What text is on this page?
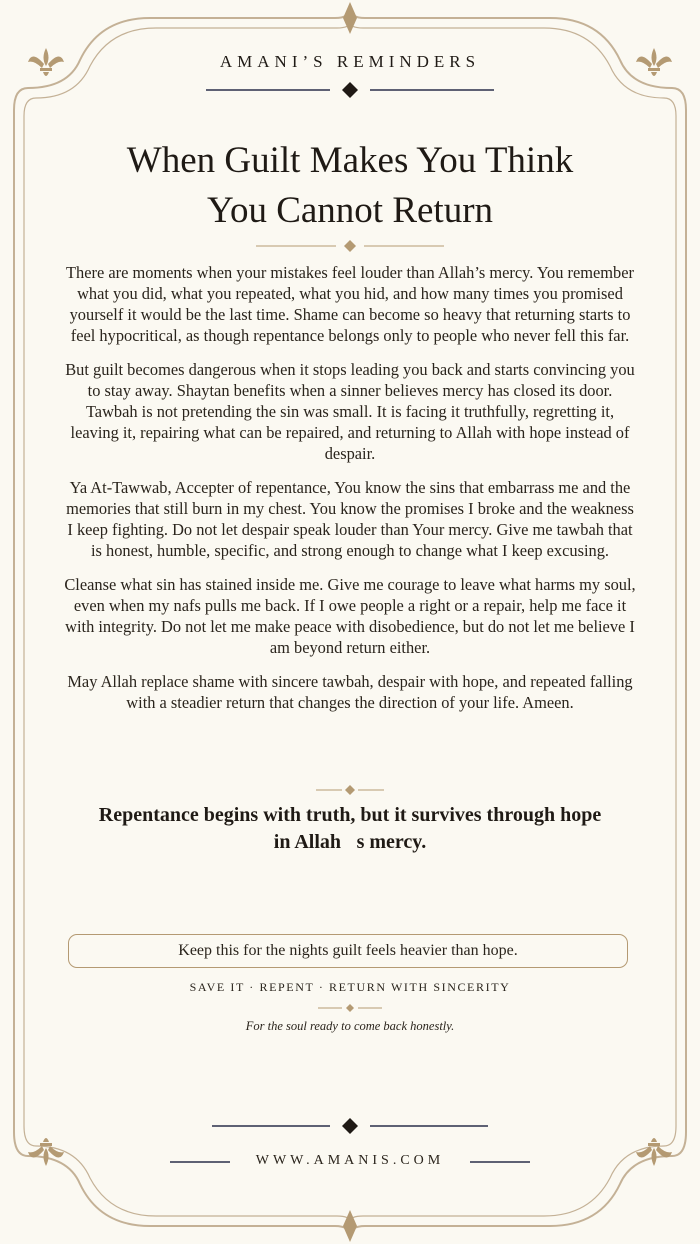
AMANI’S REMINDERS
When Guilt Makes You Think
You Cannot Return

There are moments when your mistakes feel louder than Allah’s mercy. You remember what you did, what you repeated, what you hid, and how many times you promised yourself it would be the last time. Shame can become so heavy that returning starts to feel hypocritical, as though repentance belongs only to people who never fell this far.

But guilt becomes dangerous when it stops leading you back and starts convincing you to stay away. Shaytan benefits when a sinner believes mercy has closed its door. Tawbah is not pretending the sin was small. It is facing it truthfully, regretting it, leaving it, repairing what can be repaired, and returning to Allah with hope instead of despair.

Ya At-Tawwab, Accepter of repentance, You know the sins that embarrass me and the memories that still burn in my chest. You know the promises I broke and the weakness I keep fighting. Do not let despair speak louder than Your mercy. Give me tawbah that is honest, humble, specific, and strong enough to change what I keep excusing.

Cleanse what sin has stained inside me. Give me courage to leave what harms my soul, even when my nafs pulls me back. If I owe people a right or a repair, help me face it with integrity. Do not let me make peace with disobedience, but do not let me believe I am beyond return either.

May Allah replace shame with sincere tawbah, despair with hope, and repeated falling with a steadier return that changes the direction of your life. Ameen.

Repentance begins with truth, but it survives through hope
in Allah s mercy.
Keep this for the nights guilt feels heavier than hope.
SAVE IT · REPENT · RETURN WITH SINCERITY
For the soul ready to come back honestly.
WWW.AMANIS.COM
